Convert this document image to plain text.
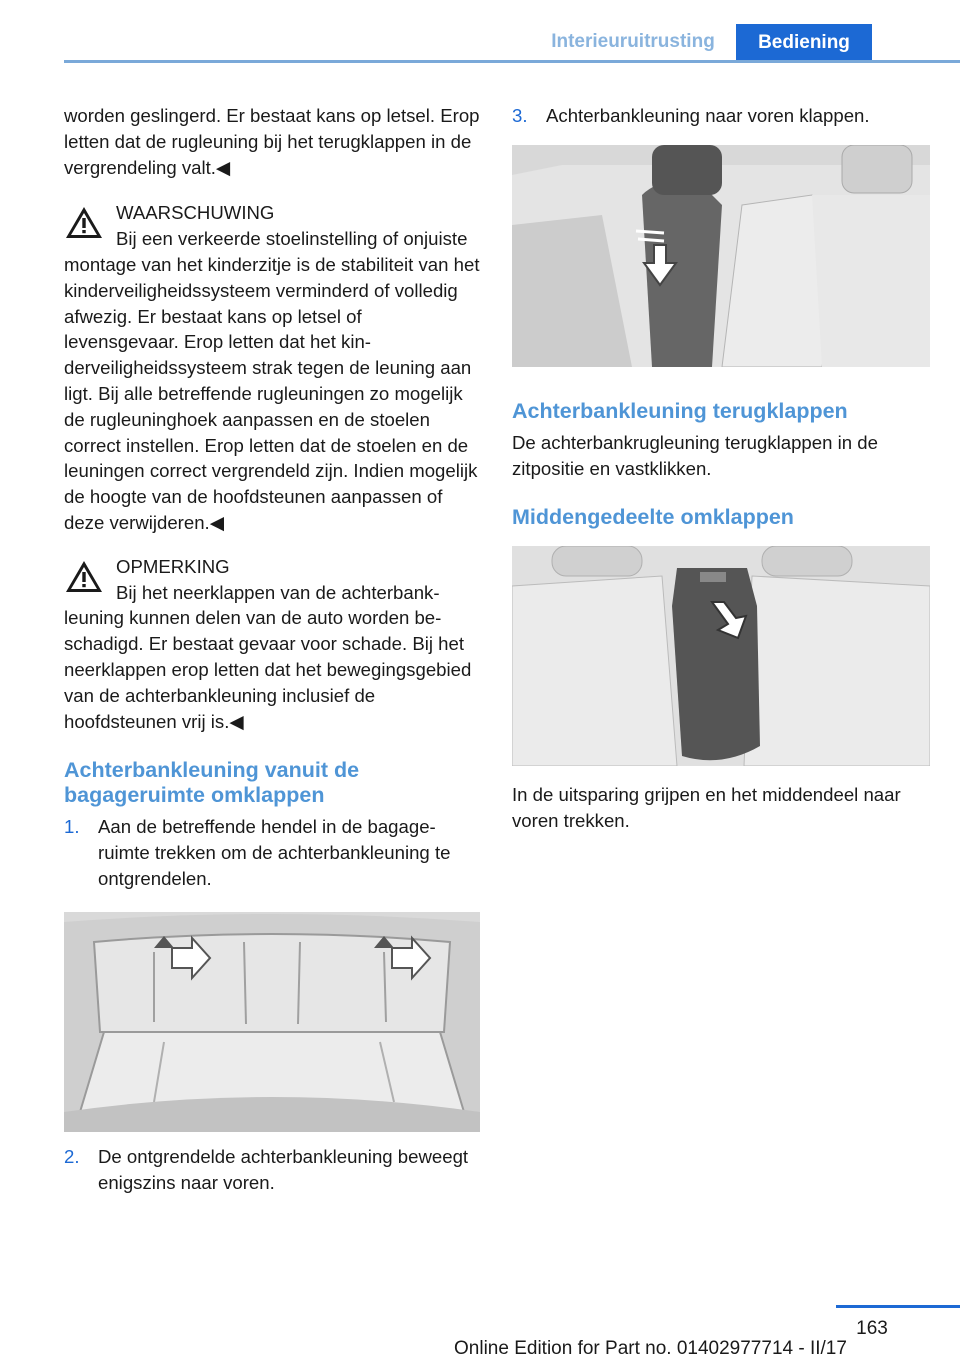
Interieuruitrusting	Bediening

worden geslingerd. Er bestaat kans op letsel. Erop letten dat de rugleuning bij het terugklappen in de vergrendeling valt.◀

WAARSCHUWING

Bij een verkeerde stoelinstelling of onjuiste montage van het kinderzitje is de stabiliteit van het kinderveiligheidssysteem verminderd of volledig afwezig. Er bestaat kans op letsel of levensgevaar. Erop letten dat het kinderveiligheidssysteem strak tegen de leuning aan ligt. Bij alle betreffende rugleuningen zo mogelijk de rugleuninghoek aanpassen en de stoelen correct instellen. Erop letten dat de stoelen en de leuningen correct vergrendeld zijn. Indien mogelijk de hoogte van de hoofdsteunen aanpassen of deze verwijderen.◀

OPMERKING

Bij het neerklappen van de achterbankleuning kunnen delen van de auto worden beschadigd. Er bestaat gevaar voor schade. Bij het neerklappen erop letten dat het bewegingsgebied van de achterbankleuning inclusief de hoofdsteunen vrij is.◀

Achterbankleuning vanuit de bagageruimte omklappen
1. Aan de betreffende hendel in de bagageruimte trekken om de achterbankleuning te ontgrendelen.
2. De ontgrendelde achterbankleuning beweegt enigszins naar voren.
3. Achterbankleuning naar voren klappen.
Achterbankleuning terugklappen

De achterbankrugleuning terugklappen in de zitpositie en vastklikken.

Middengedeelte omklappen

In de uitsparing grijpen en het middendeel naar voren trekken.

163
Online Edition for Part no. 01402977714 - II/17
